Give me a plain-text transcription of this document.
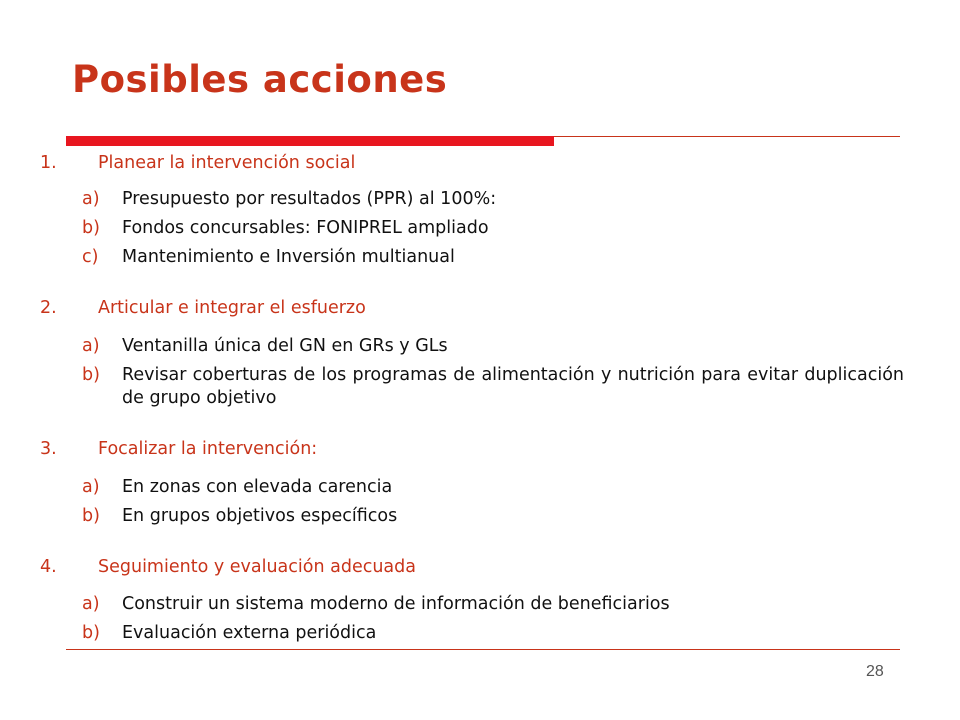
Posibles acciones
1.	Planear la intervención social
a)	Presupuesto por resultados (PPR) al 100%:
b)	Fondos concursables: FONIPREL ampliado
c)	Mantenimiento e Inversión multianual
2.	Articular e integrar el esfuerzo
a)	Ventanilla única del GN en GRs y GLs
b)	Revisar coberturas de los programas de alimentación y nutrición para evitar duplicación de grupo objetivo
3.	Focalizar la intervención:
a)	En zonas con elevada carencia
b)	En grupos objetivos específicos
4.	Seguimiento y evaluación adecuada
a)	Construir un sistema moderno de información de beneficiarios
b)	Evaluación externa periódica
28
